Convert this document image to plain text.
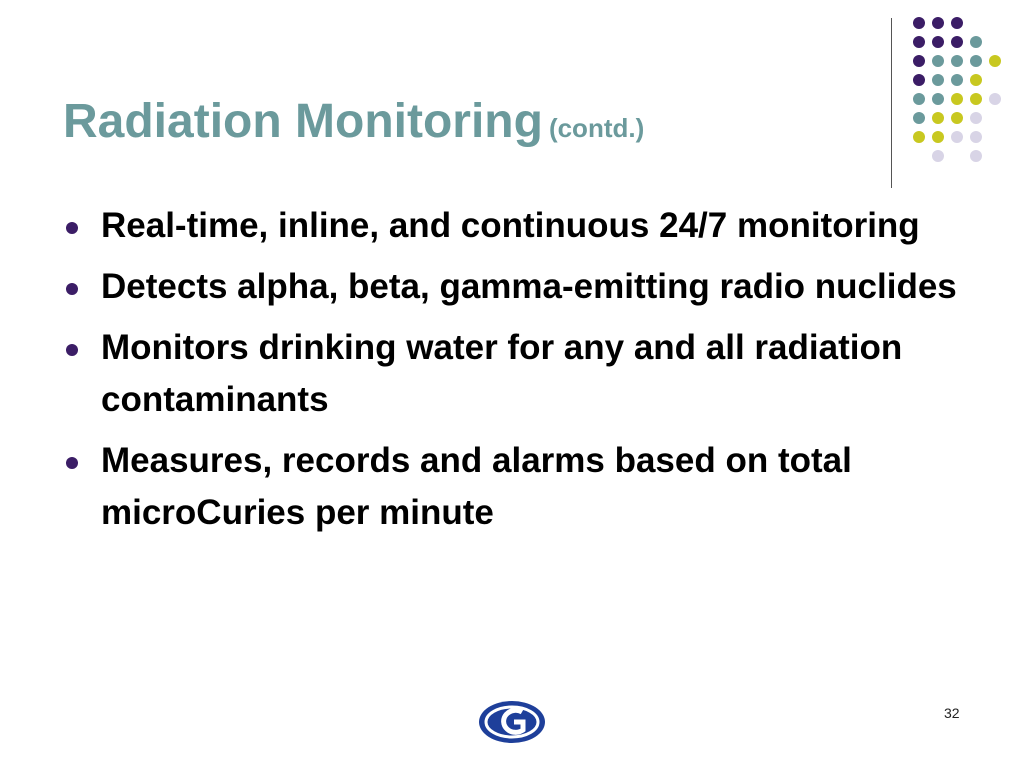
Radiation Monitoring (contd.)
Real-time, inline, and continuous 24/7 monitoring
Detects alpha, beta, gamma-emitting radio nuclides
Monitors drinking water for any and all radiation contaminants
Measures, records and alarms based on total microCuries per minute
32
